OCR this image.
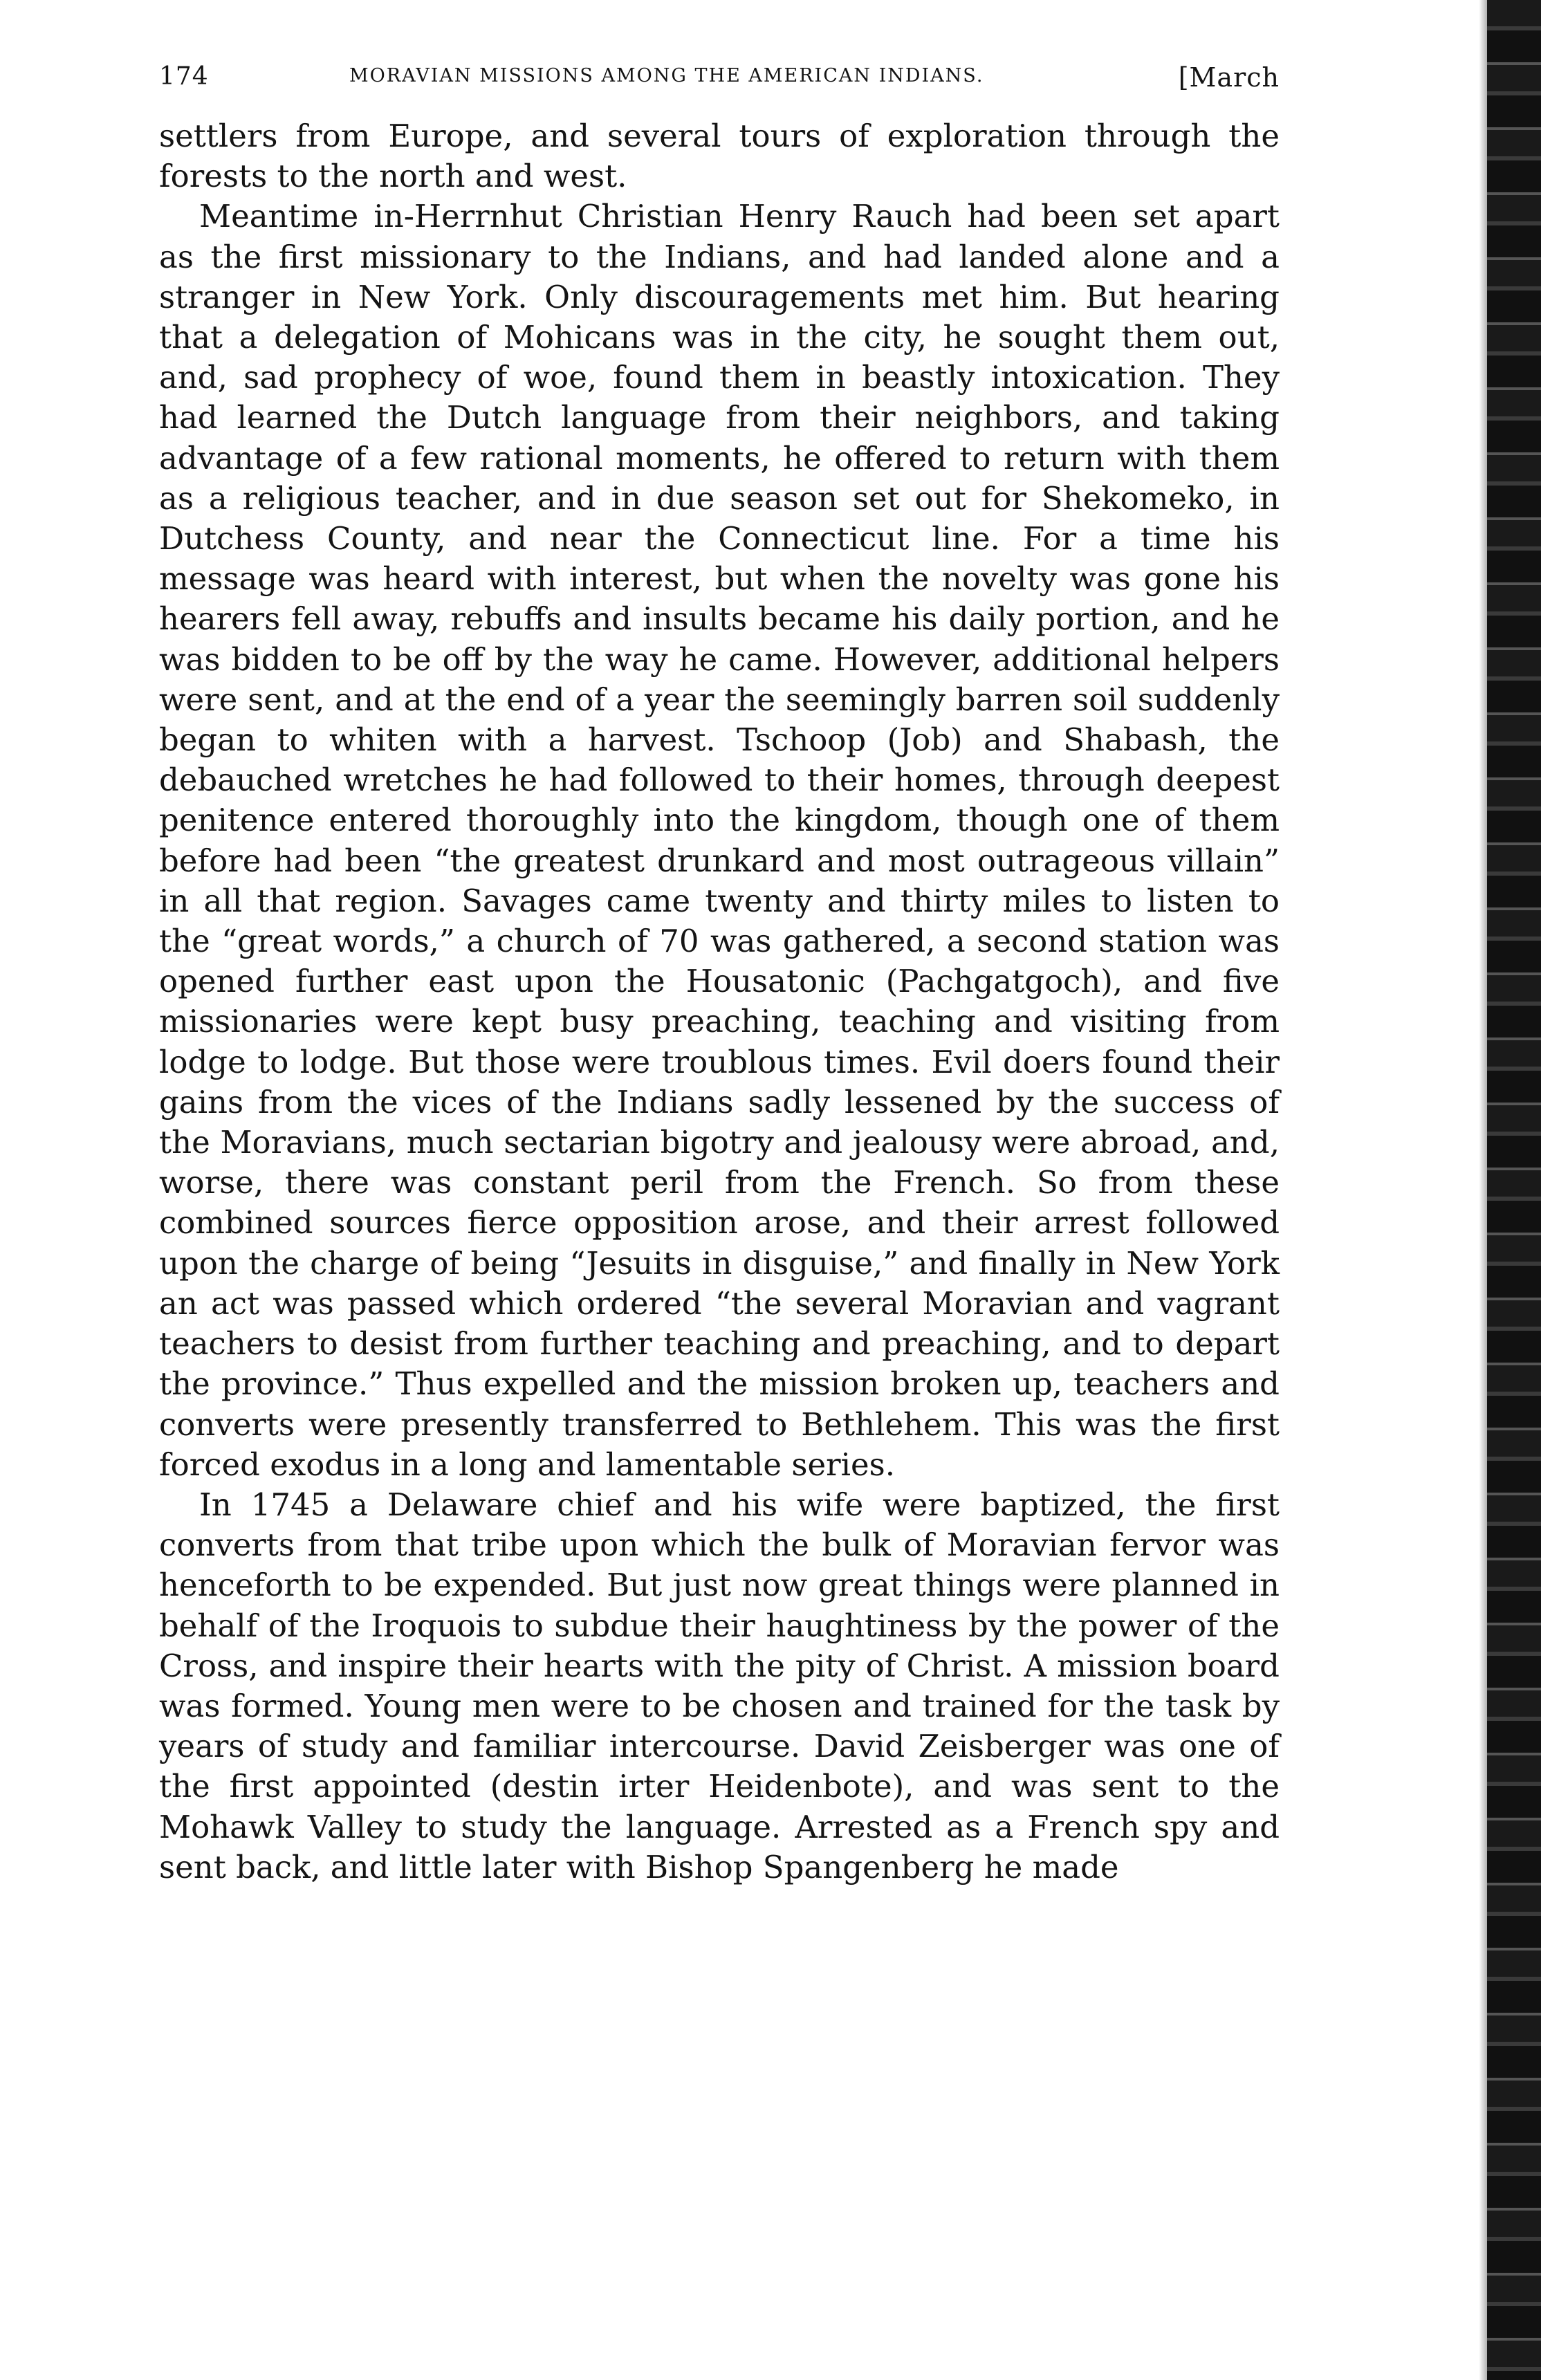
174	MORAVIAN MISSIONS AMONG THE AMERICAN INDIANS.	[March

settlers from Europe, and several tours of exploration through the forests to the north and west.

Meantime in-Herrnhut Christian Henry Rauch had been set apart as the first missionary to the Indians, and had landed alone and a stranger in New York. Only discouragements met him. But hearing that a delegation of Mohicans was in the city, he sought them out, and, sad prophecy of woe, found them in beastly intoxication. They had learned the Dutch language from their neighbors, and taking advantage of a few rational moments, he offered to return with them as a religious teacher, and in due season set out for Shekomeko, in Dutchess County, and near the Connecticut line. For a time his message was heard with interest, but when the novelty was gone his hearers fell away, rebuffs and insults became his daily portion, and he was bidden to be off by the way he came. However, additional helpers were sent, and at the end of a year the seemingly barren soil suddenly began to whiten with a harvest. Tschoop (Job) and Shabash, the debauched wretches he had followed to their homes, through deepest penitence entered thoroughly into the kingdom, though one of them before had been “the greatest drunkard and most outrageous villain” in all that region. Savages came twenty and thirty miles to listen to the “great words,” a church of 70 was gathered, a second station was opened further east upon the Housatonic (Pachgatgoch), and five missionaries were kept busy preaching, teaching and visiting from lodge to lodge. But those were troublous times. Evil doers found their gains from the vices of the Indians sadly lessened by the success of the Moravians, much sectarian bigotry and jealousy were abroad, and, worse, there was constant peril from the French. So from these combined sources fierce opposition arose, and their arrest followed upon the charge of being “Jesuits in disguise,” and finally in New York an act was passed which ordered “the several Moravian and vagrant teachers to desist from further teaching and preaching, and to depart the province.” Thus expelled and the mission broken up, teachers and converts were presently transferred to Bethlehem. This was the first forced exodus in a long and lamentable series.

In 1745 a Delaware chief and his wife were baptized, the first converts from that tribe upon which the bulk of Moravian fervor was henceforth to be expended. But just now great things were planned in behalf of the Iroquois to subdue their haughtiness by the power of the Cross, and inspire their hearts with the pity of Christ. A mission board was formed. Young men were to be chosen and trained for the task by years of study and familiar intercourse. David Zeisberger was one of the first appointed (destin irter Heidenbote), and was sent to the Mohawk Valley to study the language. Arrested as a French spy and sent back, and little later with Bishop Spangenberg he made
